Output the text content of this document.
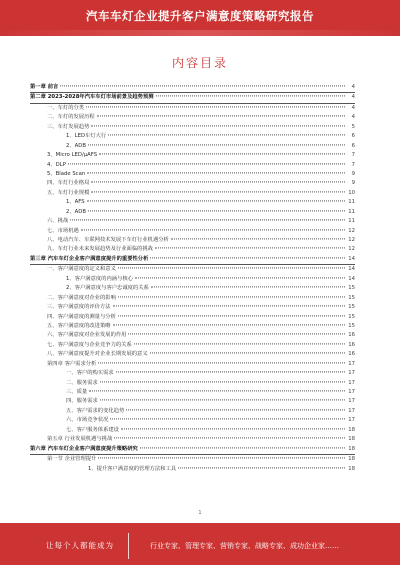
汽车车灯企业提升客户满意度策略研究报告
内容目录
第一章 前言	4
第二章 2023-2028年汽车车灯市场前景及趋势预测	4
一、车灯的分类	4
二、车灯的发展历程	4
三、车灯发展趋势	5
1、LED车灯大行	6
2、ADB	6
3、Micro LED/μAFS	7
4、DLP	7
5、Blade Scan	9
四、车灯行业格局	9
五、车灯行业规模	10
1、AFS	11
2、ADB	11
六、挑战	11
七、市场机遇	12
八、电动汽车、车联网技术发展下车灯行业机遇分析	12
九、车灯行业未来发展趋势及行业面临的挑战	12
第三章 汽车车灯企业客户满意度提升的重要性分析	14
一、客户满意度的定义和意义	14
1、客户满意度的内涵与核心	14
2、客户满意度与客户忠诚度的关系	15
二、客户满意度对企业的影响	15
三、客户满意度的评价方法	15
四、客户满意度的测量与分析	15
五、客户满意度的改进策略	15
六、客户满意度对企业发展的作用	16
七、客户满意度与企业竞争力的关系	16
八、客户满意度提升对企业长期发展的意义	16
第四章 客户需求分析	17
一、客户的购买需求	17
二、服务需求	17
三、质量	17
四、服务需求	17
五、客户需求的变化趋势	17
六、市场竞争状况	17
七、客户服务体系建设	18
第五章 行业发展机遇与挑战	18
第六章 汽车车灯企业客户满意度提升策略研究	18
第一节 企业管理提升	18
1、提升客户满意度的管理方法和工具	18
1
让每个人都能成为	行业专家、管理专家、营销专家、战略专家、成功企业家……
